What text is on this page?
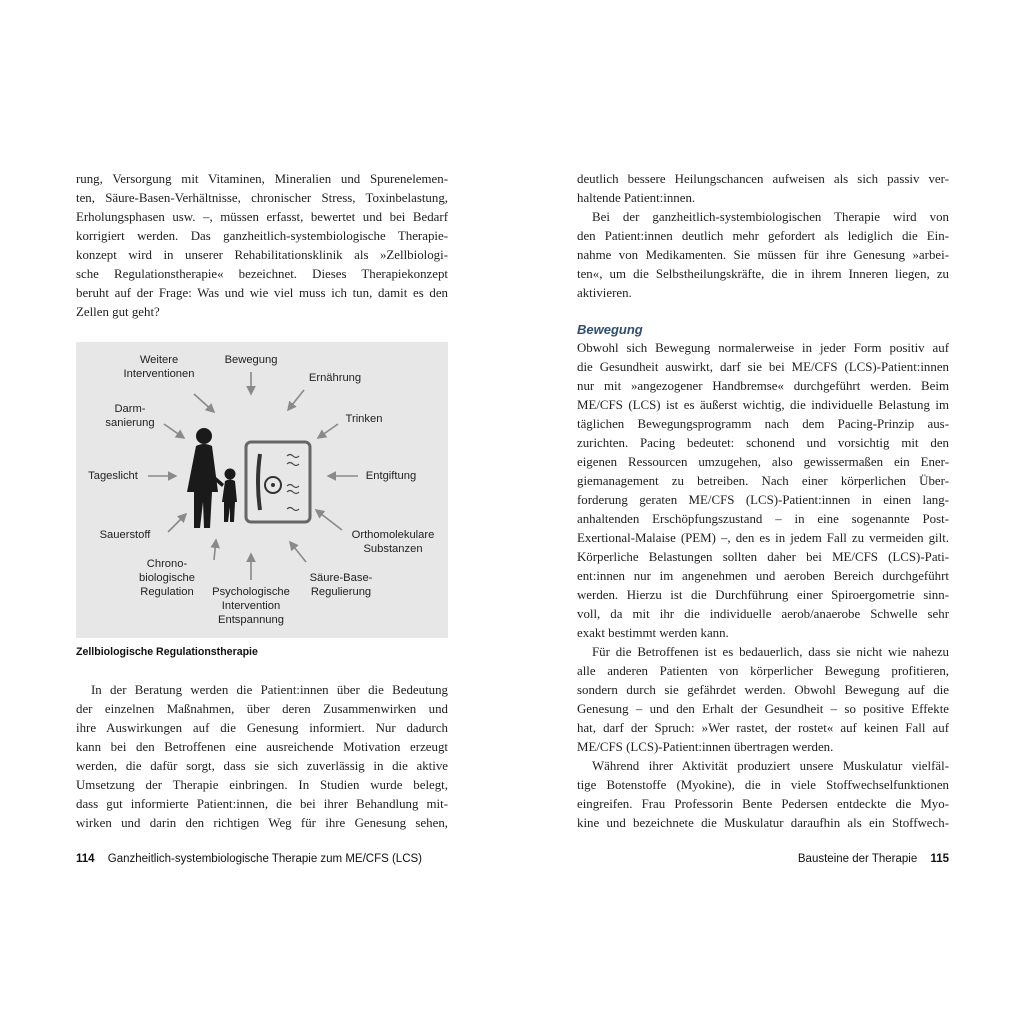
rung, Versorgung mit Vitaminen, Mineralien und Spurenelemen-

ten, Säure-Basen-Verhältnisse, chronischer Stress, Toxinbelastung,

Erholungsphasen usw. –, müssen erfasst, bewertet und bei Bedarf

korrigiert werden. Das ganzheitlich-systembiologische Therapie-

konzept wird in unserer Rehabilitationsklinik als »Zellbiologi-

sche Regulationstherapie« bezeichnet. Dieses Therapiekonzept

beruht auf der Frage: Was und wie viel muss ich tun, damit es den

Zellen gut geht?

Weitere
Interventionen
Bewegung
Ernährung
Darm-
sanierung	Trinken
Tageslicht	Entgiftung
Sauerstoff	Orthomolekulare
Substanzen
Chrono-
biologische
Regulation	Psychologische
Intervention
Entspannung
Säure-Base-
Regulierung
Zellbiologische Regulationstherapie

In der Beratung werden die Patient:innen über die Bedeutung

der einzelnen Maßnahmen, über deren Zusammenwirken und

ihre Auswirkungen auf die Genesung informiert. Nur dadurch

kann bei den Betroffenen eine ausreichende Motivation erzeugt

werden, die dafür sorgt, dass sie sich zuverlässig in die aktive

Umsetzung der Therapie einbringen. In Studien wurde belegt,

dass gut informierte Patient:innen, die bei ihrer Behandlung mit-

wirken und darin den richtigen Weg für ihre Genesung sehen,

114 Ganzheitlich-systembiologische Therapie zum ME/CFS (LCS)

deutlich bessere Heilungschancen aufweisen als sich passiv ver-

haltende Patient:innen.

Bei der ganzheitlich-systembiologischen Therapie wird von

den Patient:innen deutlich mehr gefordert als lediglich die Ein-

nahme von Medikamenten. Sie müssen für ihre Genesung »arbei-

ten«, um die Selbstheilungskräfte, die in ihrem Inneren liegen, zu

aktivieren.

Bewegung

Obwohl sich Bewegung normalerweise in jeder Form positiv auf

die Gesundheit auswirkt, darf sie bei ME/CFS (LCS)-Patient:innen

nur mit »angezogener Handbremse« durchgeführt werden. Beim

ME/CFS (LCS) ist es äußerst wichtig, die individuelle Belastung im

täglichen Bewegungsprogramm nach dem Pacing-Prinzip aus-

zurichten. Pacing bedeutet: schonend und vorsichtig mit den

eigenen Ressourcen umzugehen, also gewissermaßen ein Ener-

giemanagement zu betreiben. Nach einer körperlichen Über-

forderung geraten ME/CFS (LCS)-Patient:innen in einen lang-

anhaltenden Erschöpfungszustand – in eine sogenannte Post-

Exertional-Malaise (PEM) –, den es in jedem Fall zu vermeiden gilt.

Körperliche Belastungen sollten daher bei ME/CFS (LCS)-Pati-

ent:innen nur im angenehmen und aeroben Bereich durchgeführt

werden. Hierzu ist die Durchführung einer Spiroergometrie sinn-

voll, da mit ihr die individuelle aerob/anaerobe Schwelle sehr

exakt bestimmt werden kann.

Für die Betroffenen ist es bedauerlich, dass sie nicht wie nahezu

alle anderen Patienten von körperlicher Bewegung profitieren,

sondern durch sie gefährdet werden. Obwohl Bewegung auf die

Genesung – und den Erhalt der Gesundheit – so positive Effekte

hat, darf der Spruch: »Wer rastet, der rostet« auf keinen Fall auf

ME/CFS (LCS)-Patient:innen übertragen werden.

Während ihrer Aktivität produziert unsere Muskulatur vielfäl-

tige Botenstoffe (Myokine), die in viele Stoffwechselfunktionen

eingreifen. Frau Professorin Bente Pedersen entdeckte die Myo-

kine und bezeichnete die Muskulatur daraufhin als ein Stoffwech-

Bausteine der Therapie 115
